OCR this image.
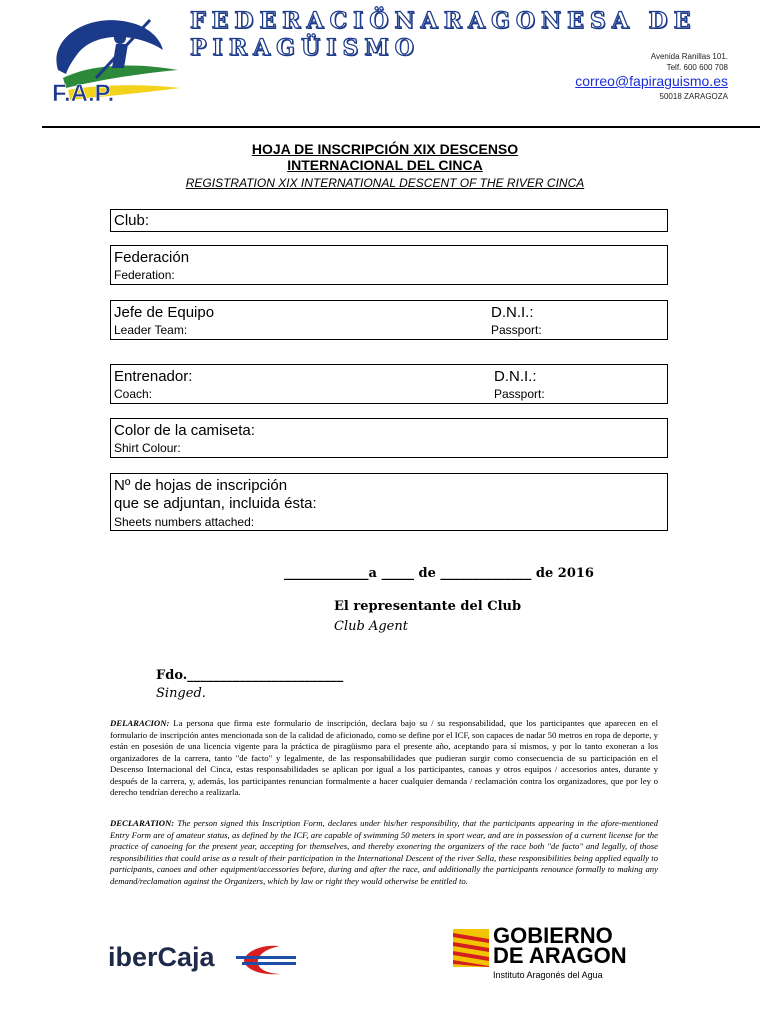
F.A.P.
FEDERACIÖNARAGONESA DE PIRAGÜISMO	Avenida Ranillas 101.
Telf. 600 600 708
correo@fapiraguismo.es
50018 ZARAGOZA
HOJA DE INSCRIPCIÓN XIX DESCENSO
INTERNACIONAL DEL CINCA
REGISTRATION XIX INTERNATIONAL DESCENT OF THE RIVER CINCA
Club:
Federación
Federation:
Jefe de Equipo
Leader Team:
D.N.I.:
Passport:
Entrenador:
Coach:
D.N.I.:
Passport:
Color de la camiseta:
Shirt Colour:
Nº de hojas de inscripción
que se adjuntan, incluida ésta:
Sheets numbers attached:
_____________a _____ de ______________ de 2016
El representante del Club
Club Agent
Fdo.________________________
Singed.
DELARACION: La persona que firma este formulario de inscripción, declara bajo su / su responsabilidad, que los participantes que aparecen en el formulario de inscripción antes mencionada son de la calidad de aficionado, como se define por el ICF, son capaces de nadar 50 metros en ropa de deporte, y están en posesión de una licencia vigente para la práctica de piragüismo para el presente año, aceptando para sí mismos, y por lo tanto exoneran a los organizadores de la carrera, tanto "de facto" y legalmente, de las responsabilidades que pudieran surgir como consecuencia de su participación en el Descenso Internacional del Cinca, estas responsabilidades se aplican por igual a los participantes, canoas y otros equipos / accesorios antes, durante y después de la carrera, y, además, los participantes renuncian formalmente a hacer cualquier demanda / reclamación contra los organizadores, que por ley o derecho tendrían derecho a realizarla.
DECLARATION: The person signed this Inscription Form, declares under his/her responsibility, that the participants appearing in the afore-mentioned Entry Form are of amateur status, as defined by the ICF, are capable of swimming 50 meters in sport wear, and are in possession of a current license for the practice of canoeing for the present year, accepting for themselves, and thereby exonering the organizers of the race both "de facto" and legally, of those responsibilities that could arise as a result of their participation in the International Descent of the river Sella, these responsibilities being applied equally to participants, canoes and other equipment/accessories before, during and after the race, and additionally the participants renounce formally to making any demand/reclamation against the Organizers, which by law or right they would otherwise be entitled to.
iberCaja
GOBIERNO
DE ARAGON
Instituto Aragonés del Agua
